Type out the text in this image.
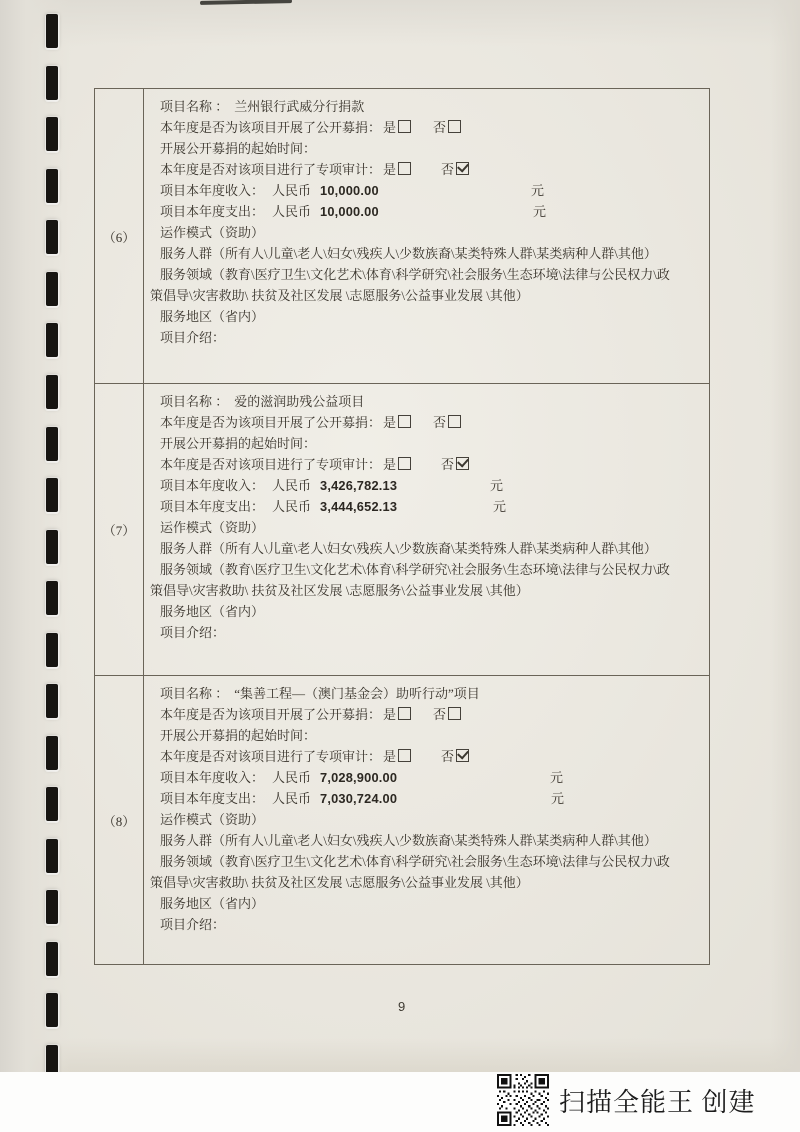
（6）
项目名称 ： 兰州银行武威分行捐款
本年度是否为该项目开展了公开募捐： 是	否
开展公开募捐的起始时间：
本年度是否对该项目进行了专项审计： 是	否
项目本年度收入： 人民币 10,000.00	元
项目本年度支出： 人民币 10,000.00	元
运作模式（资助）
服务人群（所有人\儿童\老人\妇女\残疾人\少数族裔\某类特殊人群\某类病种人群\其他）
服务领域（教育\医疗卫生\文化艺术\体育\科学研究\社会服务\生态环境\法律与公民权力\政
策倡导\灾害救助\ 扶贫及社区发展 \志愿服务\公益事业发展 \其他）
服务地区（省内）
项目介绍：
（7）
项目名称 ： 爱的滋润助残公益项目
本年度是否为该项目开展了公开募捐： 是	否
开展公开募捐的起始时间：
本年度是否对该项目进行了专项审计： 是	否
项目本年度收入： 人民币 3,426,782.13	元
项目本年度支出： 人民币 3,444,652.13	元
运作模式（资助）
服务人群（所有人\儿童\老人\妇女\残疾人\少数族裔\某类特殊人群\某类病种人群\其他）
服务领域（教育\医疗卫生\文化艺术\体育\科学研究\社会服务\生态环境\法律与公民权力\政
策倡导\灾害救助\ 扶贫及社区发展 \志愿服务\公益事业发展 \其他）
服务地区（省内）
项目介绍：
（8）
项目名称 ： “集善工程—（澳门基金会）助听行动”项目
本年度是否为该项目开展了公开募捐： 是	否
开展公开募捐的起始时间：
本年度是否对该项目进行了专项审计： 是	否
项目本年度收入： 人民币 7,028,900.00	元
项目本年度支出： 人民币 7,030,724.00	元
运作模式（资助）
服务人群（所有人\儿童\老人\妇女\残疾人\少数族裔\某类特殊人群\某类病种人群\其他）
服务领域（教育\医疗卫生\文化艺术\体育\科学研究\社会服务\生态环境\法律与公民权力\政
策倡导\灾害救助\ 扶贫及社区发展 \志愿服务\公益事业发展 \其他）
服务地区（省内）
项目介绍：
9
扫描全能王 创建
